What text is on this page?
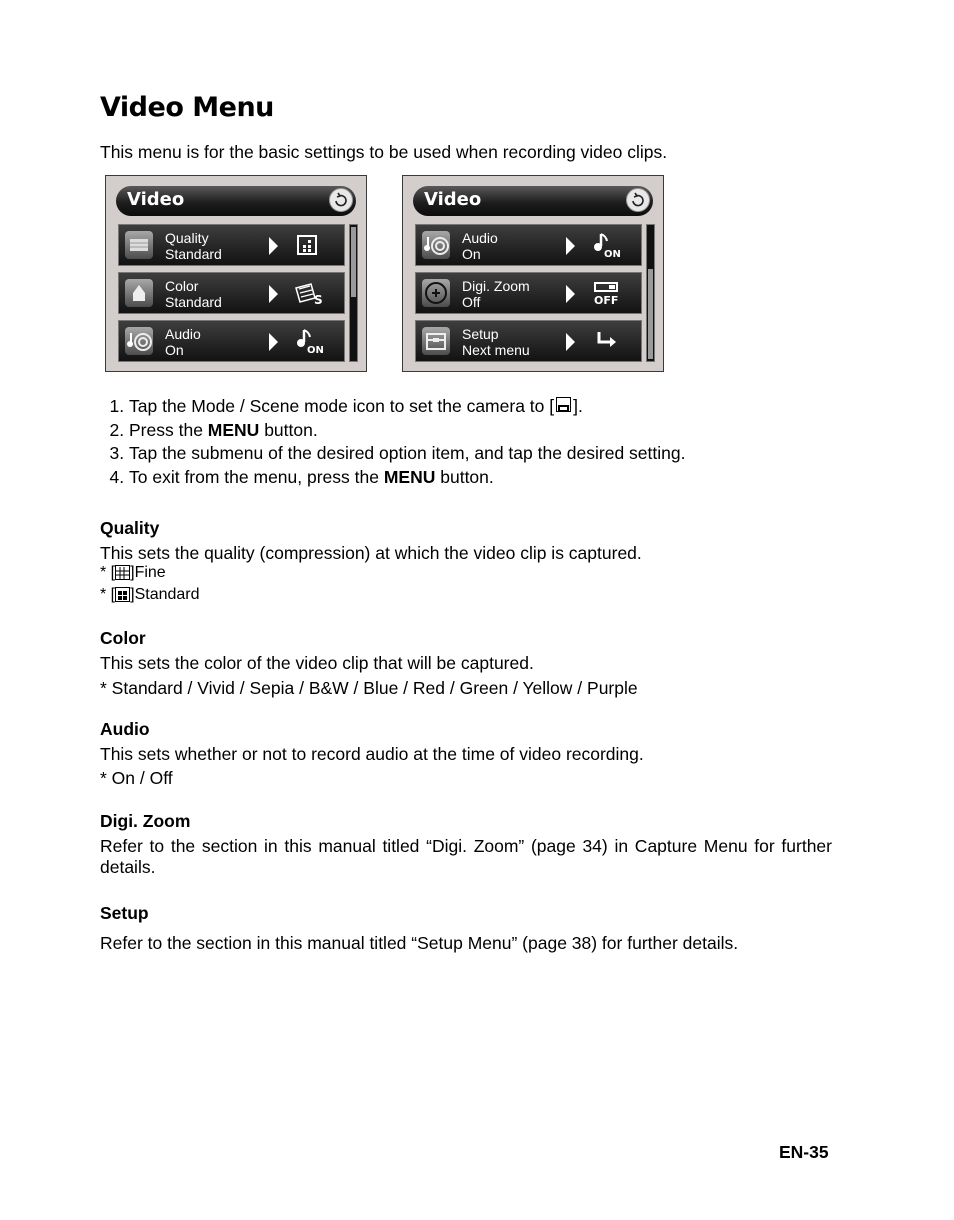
Video Menu

This menu is for the basic settings to be used when recording video clips.

Video
Quality
Standard
Color
Standard	S
Audio
On	ON
Video
Audio
On	ON
Digi. Zoom
Off	OFF
Setup
Next menu
1. Tap the Mode / Scene mode icon to set the camera to [ ].
2. Press the MENU button.
3. Tap the submenu of the desired option item, and tap the desired setting.
4. To exit from the menu, press the MENU button.

Quality

This sets the quality (compression) at which the video clip is captured.

* [ ]Fine

* [ ]Standard

Color

This sets the color of the video clip that will be captured.

* Standard / Vivid / Sepia / B&W / Blue / Red / Green / Yellow / Purple

Audio

This sets whether or not to record audio at the time of video recording.

* On / Off

Digi. Zoom

Refer to the section in this manual titled “Digi. Zoom” (page 34) in Capture Menu for further details.

Setup

Refer to the section in this manual titled “Setup Menu” (page 38) for further details.

EN-35
